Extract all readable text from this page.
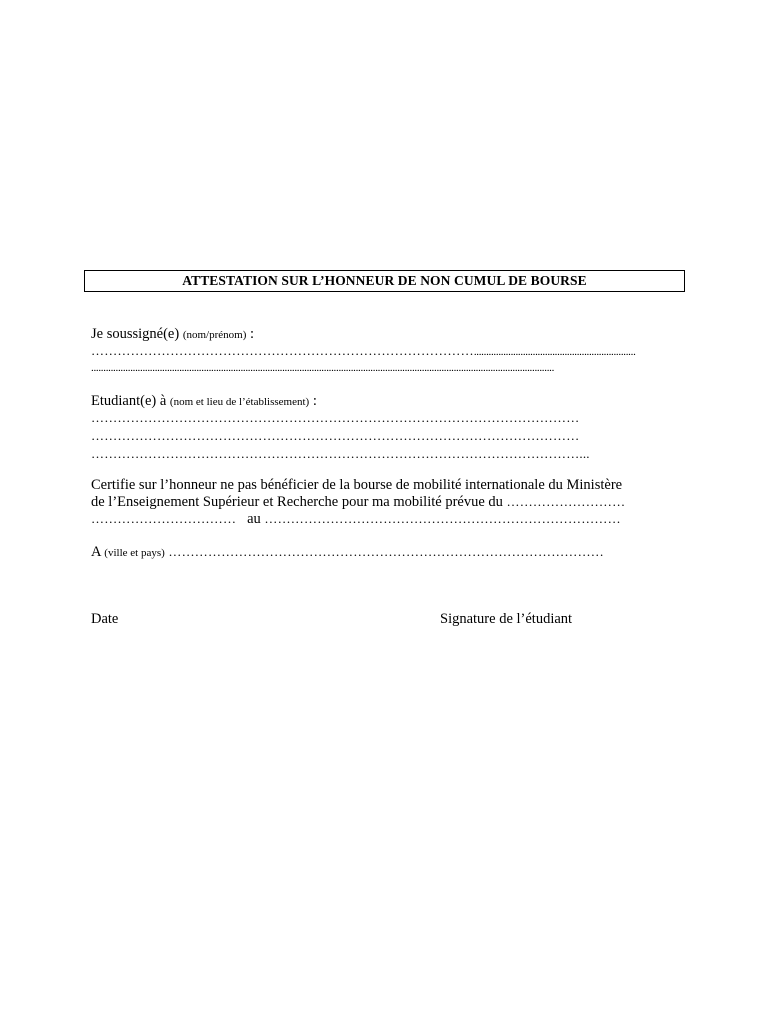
ATTESTATION SUR L’HONNEUR DE NON CUMUL DE BOURSE
Je soussigné(e) (nom/prénom) :
……………………………………………………………………………..................................................................
.............................................................................................................................................................................................
Etudiant(e) à (nom et lieu de l’établissement) :
…………………………………………………………………………………………………
…………………………………………………………………………………………………
…………………………………………………………………………………………………...
Certifie sur l’honneur ne pas bénéficier de la bourse de mobilité internationale du Ministère
de l’Enseignement Supérieur et Recherche pour ma mobilité prévue du ………………………
……………………………   au ………………………………………………………………………
A (ville et pays) ………………………………………………………………………………………
Date	Signature de l’étudiant
